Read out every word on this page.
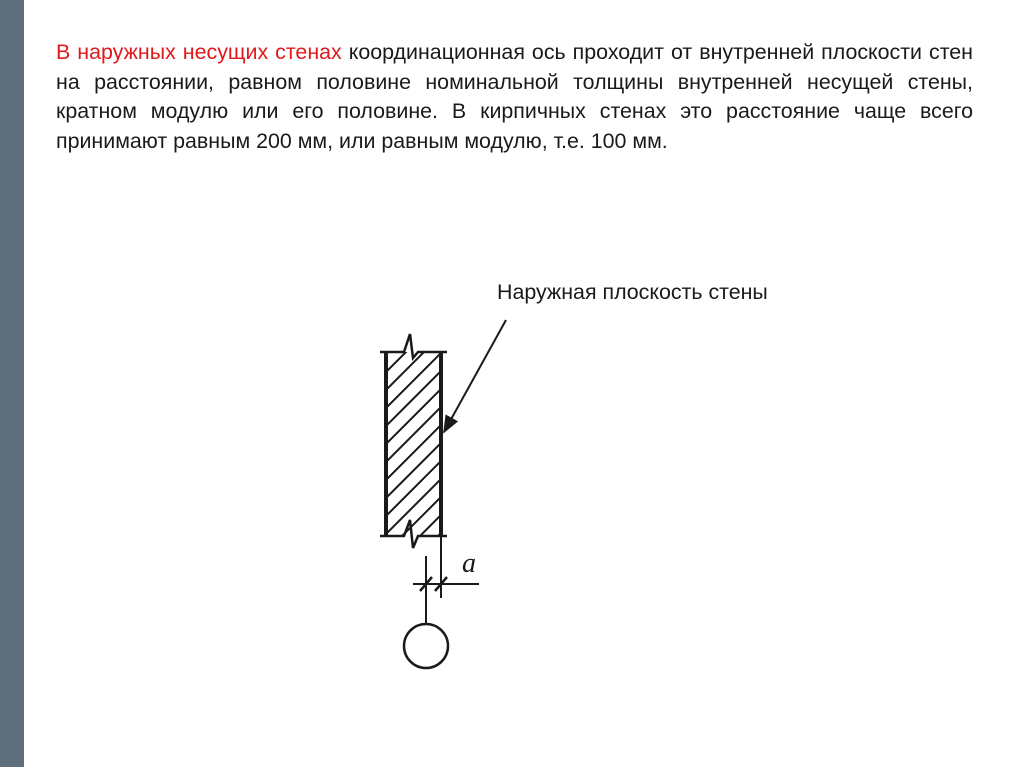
В наружных несущих стенах координационная ось проходит от внутренней плоскости стен на расстоянии, равном половине номинальной толщины внутренней несущей стены, кратном модулю или его половине. В кирпичных стенах это расстояние чаще всего принимают равным 200 мм, или равным модулю, т.е. 100 мм.

Наружная плоскость стены
a
